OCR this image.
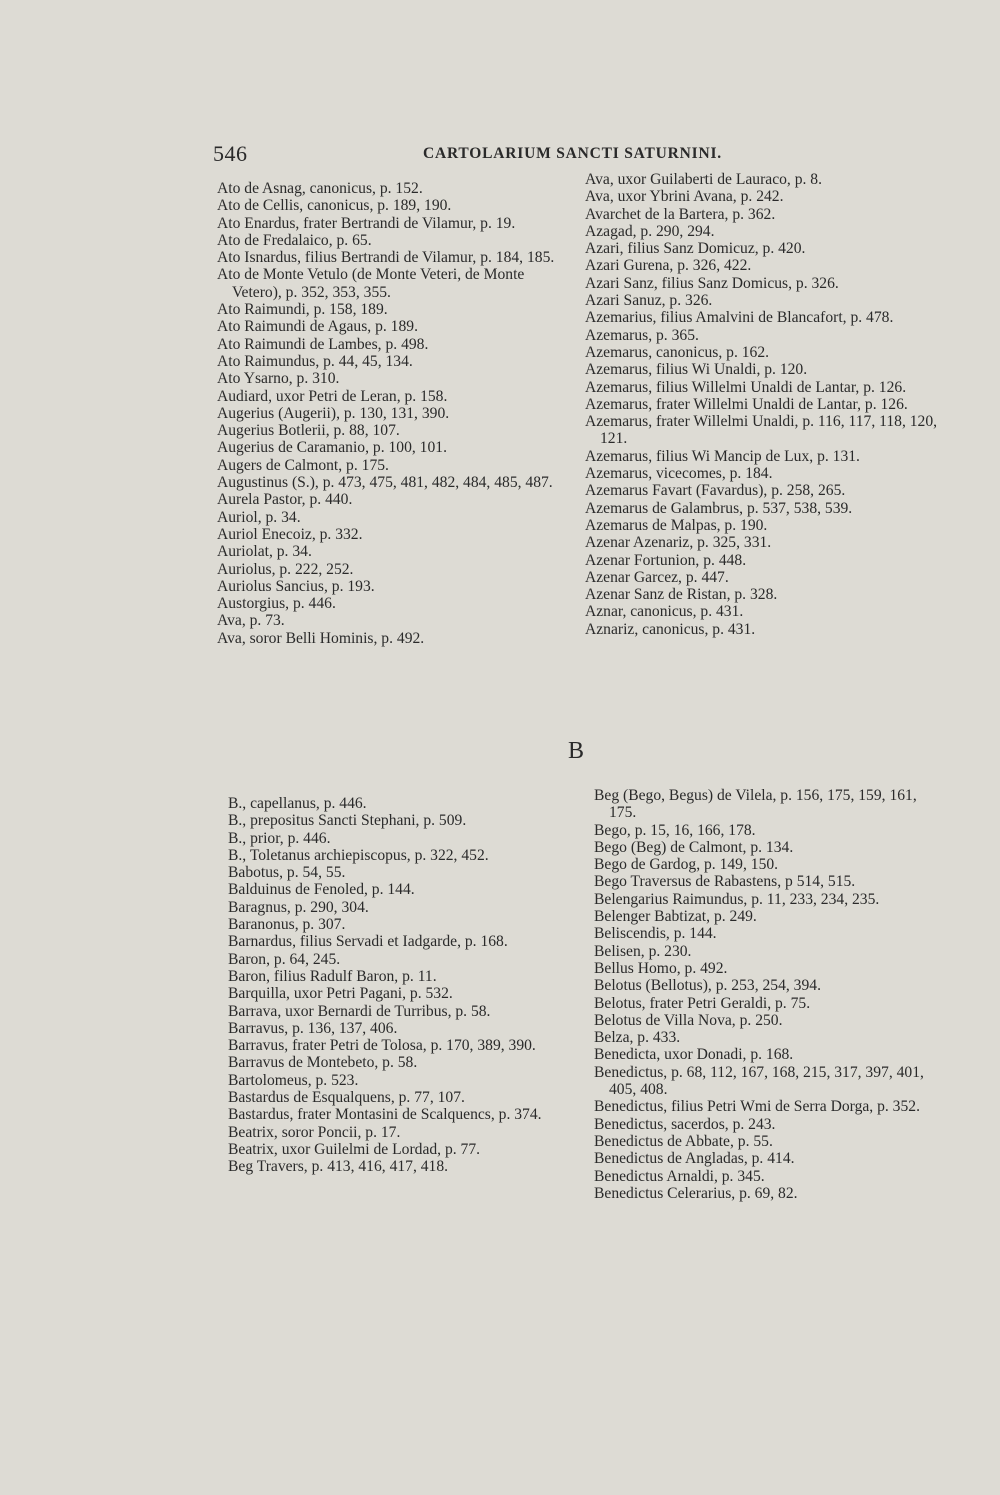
546	CARTOLARIUM SANCTI SATURNINI.

Ato de Asnag, canonicus, p. 152.

Ato de Cellis, canonicus, p. 189, 190.

Ato Enardus, frater Bertrandi de Vilamur, p. 19.

Ato de Fredalaico, p. 65.

Ato Isnardus, filius Bertrandi de Vilamur, p. 184, 185.

Ato de Monte Vetulo (de Monte Veteri, de Monte Vetero), p. 352, 353, 355.

Ato Raimundi, p. 158, 189.

Ato Raimundi de Agaus, p. 189.

Ato Raimundi de Lambes, p. 498.

Ato Raimundus, p. 44, 45, 134.

Ato Ysarno, p. 310.

Audiard, uxor Petri de Leran, p. 158.

Augerius (Augerii), p. 130, 131, 390.

Augerius Botlerii, p. 88, 107.

Augerius de Caramanio, p. 100, 101.

Augers de Calmont, p. 175.

Augustinus (S.), p. 473, 475, 481, 482, 484, 485, 487.

Aurela Pastor, p. 440.

Auriol, p. 34.

Auriol Enecoiz, p. 332.

Auriolat, p. 34.

Auriolus, p. 222, 252.

Auriolus Sancius, p. 193.

Austorgius, p. 446.

Ava, p. 73.

Ava, soror Belli Hominis, p. 492.

Ava, uxor Guilaberti de Lauraco, p. 8.

Ava, uxor Ybrini Avana, p. 242.

Avarchet de la Bartera, p. 362.

Azagad, p. 290, 294.

Azari, filius Sanz Domicuz, p. 420.

Azari Gurena, p. 326, 422.

Azari Sanz, filius Sanz Domicus, p. 326.

Azari Sanuz, p. 326.

Azemarius, filius Amalvini de Blancafort, p. 478.

Azemarus, p. 365.

Azemarus, canonicus, p. 162.

Azemarus, filius Wi Unaldi, p. 120.

Azemarus, filius Willelmi Unaldi de Lantar, p. 126.

Azemarus, frater Willelmi Unaldi de Lantar, p. 126.

Azemarus, frater Willelmi Unaldi, p. 116, 117, 118, 120, 121.

Azemarus, filius Wi Mancip de Lux, p. 131.

Azemarus, vicecomes, p. 184.

Azemarus Favart (Favardus), p. 258, 265.

Azemarus de Galambrus, p. 537, 538, 539.

Azemarus de Malpas, p. 190.

Azenar Azenariz, p. 325, 331.

Azenar Fortunion, p. 448.

Azenar Garcez, p. 447.

Azenar Sanz de Ristan, p. 328.

Aznar, canonicus, p. 431.

Aznariz, canonicus, p. 431.

B

B., capellanus, p. 446.

B., prepositus Sancti Stephani, p. 509.

B., prior, p. 446.

B., Toletanus archiepiscopus, p. 322, 452.

Babotus, p. 54, 55.

Balduinus de Fenoled, p. 144.

Baragnus, p. 290, 304.

Baranonus, p. 307.

Barnardus, filius Servadi et Iadgarde, p. 168.

Baron, p. 64, 245.

Baron, filius Radulf Baron, p. 11.

Barquilla, uxor Petri Pagani, p. 532.

Barrava, uxor Bernardi de Turribus, p. 58.

Barravus, p. 136, 137, 406.

Barravus, frater Petri de Tolosa, p. 170, 389, 390.

Barravus de Montebeto, p. 58.

Bartolomeus, p. 523.

Bastardus de Esqualquens, p. 77, 107.

Bastardus, frater Montasini de Scalquencs, p. 374.

Beatrix, soror Poncii, p. 17.

Beatrix, uxor Guilelmi de Lordad, p. 77.

Beg Travers, p. 413, 416, 417, 418.

Beg (Bego, Begus) de Vilela, p. 156, 175, 159, 161, 175.

Bego, p. 15, 16, 166, 178.

Bego (Beg) de Calmont, p. 134.

Bego de Gardog, p. 149, 150.

Bego Traversus de Rabastens, p 514, 515.

Belengarius Raimundus, p. 11, 233, 234, 235.

Belenger Babtizat, p. 249.

Beliscendis, p. 144.

Belisen, p. 230.

Bellus Homo, p. 492.

Belotus (Bellotus), p. 253, 254, 394.

Belotus, frater Petri Geraldi, p. 75.

Belotus de Villa Nova, p. 250.

Belza, p. 433.

Benedicta, uxor Donadi, p. 168.

Benedictus, p. 68, 112, 167, 168, 215, 317, 397, 401, 405, 408.

Benedictus, filius Petri Wmi de Serra Dorga, p. 352.

Benedictus, sacerdos, p. 243.

Benedictus de Abbate, p. 55.

Benedictus de Angladas, p. 414.

Benedictus Arnaldi, p. 345.

Benedictus Celerarius, p. 69, 82.
